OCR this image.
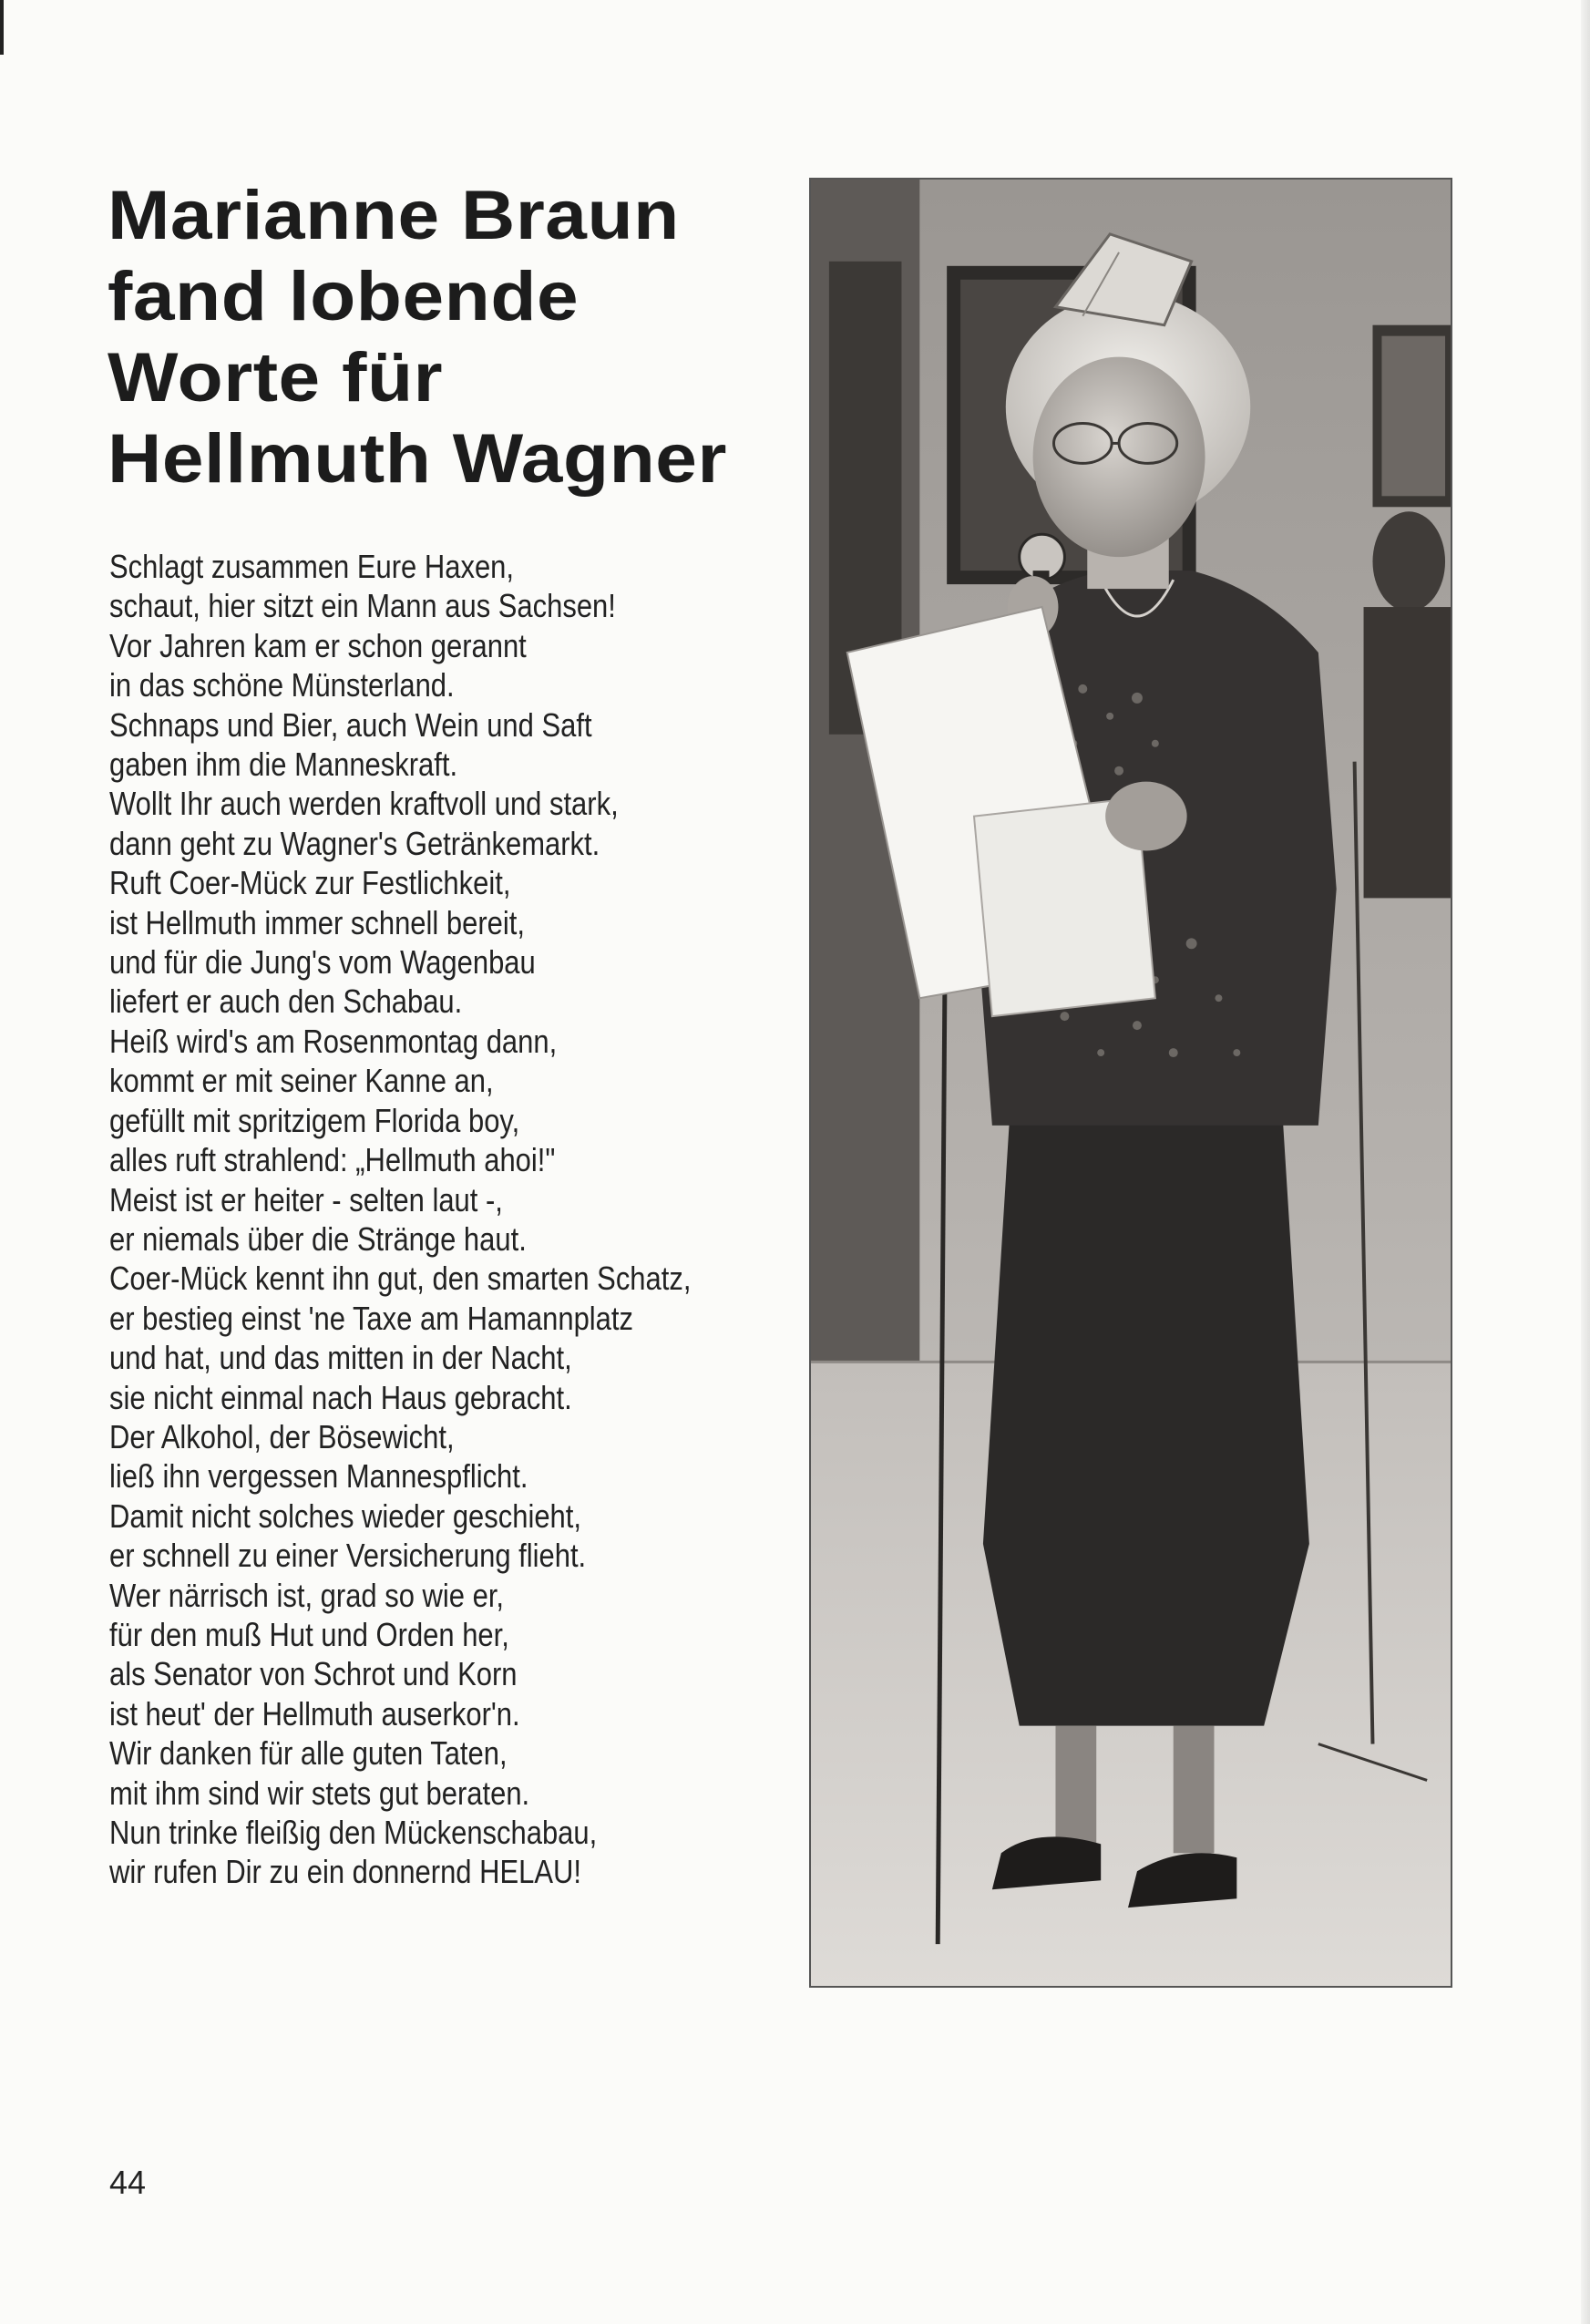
Marianne Braun
fand lobende
Worte für
Hellmuth Wagner
Schlagt zusammen Eure Haxen,
schaut, hier sitzt ein Mann aus Sachsen!
Vor Jahren kam er schon gerannt
in das schöne Münsterland.
Schnaps und Bier, auch Wein und Saft
gaben ihm die Manneskraft.
Wollt Ihr auch werden kraftvoll und stark,
dann geht zu Wagner's Getränkemarkt.
Ruft Coer-Mück zur Festlichkeit,
ist Hellmuth immer schnell bereit,
und für die Jung's vom Wagenbau
liefert er auch den Schabau.
Heiß wird's am Rosenmontag dann,
kommt er mit seiner Kanne an,
gefüllt mit spritzigem Florida boy,
alles ruft strahlend: „Hellmuth ahoi!"
Meist ist er heiter - selten laut -,
er niemals über die Stränge haut.
Coer-Mück kennt ihn gut, den smarten Schatz,
er bestieg einst 'ne Taxe am Hamannplatz
und hat, und das mitten in der Nacht,
sie nicht einmal nach Haus gebracht.
Der Alkohol, der Bösewicht,
ließ ihn vergessen Mannespflicht.
Damit nicht solches wieder geschieht,
er schnell zu einer Versicherung flieht.
Wer närrisch ist, grad so wie er,
für den muß Hut und Orden her,
als Senator von Schrot und Korn
ist heut' der Hellmuth auserkor'n.
Wir danken für alle guten Taten,
mit ihm sind wir stets gut beraten.
Nun trinke fleißig den Mückenschabau,
wir rufen Dir zu ein donnernd HELAU!
44
